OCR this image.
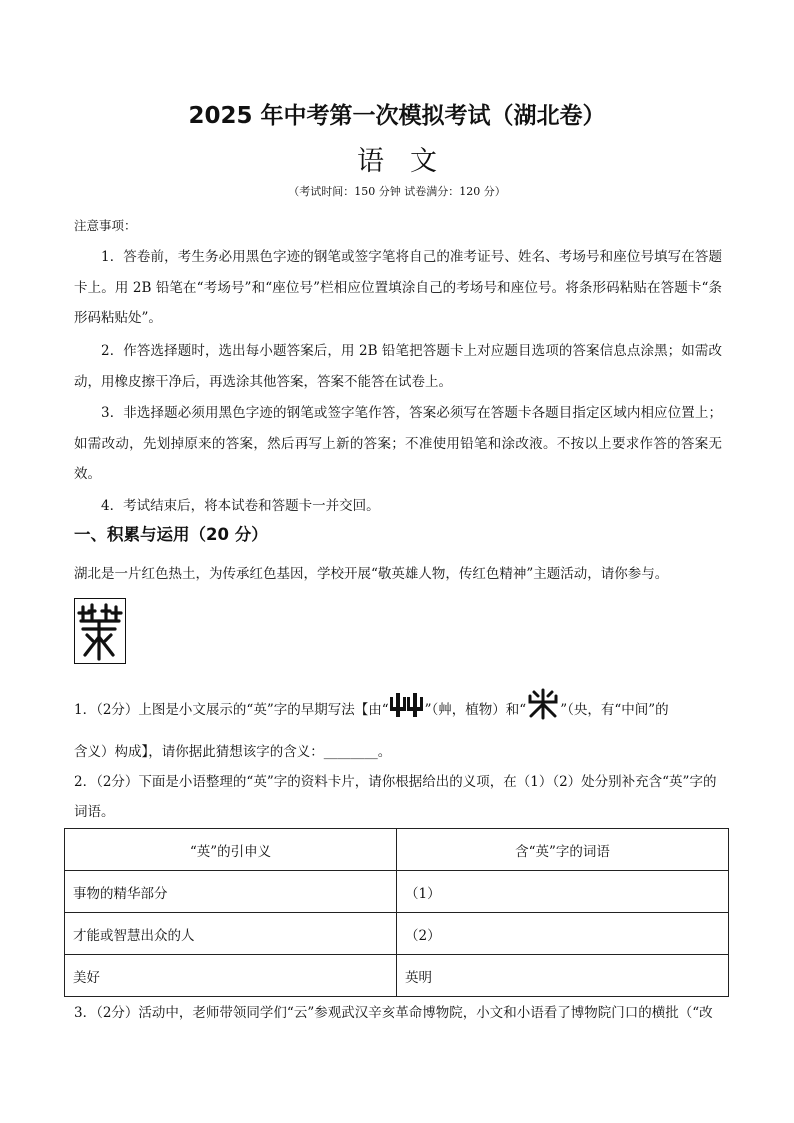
2025 年中考第一次模拟考试（湖北卷）
语文
（考试时间：150 分钟 试卷满分：120 分）
注意事项：
1．答卷前，考生务必用黑色字迹的钢笔或签字笔将自己的准考证号、姓名、考场号和座位号填写在答题卡上。用 2B 铅笔在“考场号”和“座位号”栏相应位置填涂自己的考场号和座位号。将条形码粘贴在答题卡“条形码粘贴处”。
2．作答选择题时，选出每小题答案后，用 2B 铅笔把答题卡上对应题目选项的答案信息点涂黑；如需改动，用橡皮擦干净后，再选涂其他答案，答案不能答在试卷上。
3．非选择题必须用黑色字迹的钢笔或签字笔作答，答案必须写在答题卡各题目指定区域内相应位置上；如需改动，先划掉原来的答案，然后再写上新的答案；不准使用铅笔和涂改液。不按以上要求作答的答案无效。
4．考试结束后，将本试卷和答题卡一并交回。
一、积累与运用（20 分）
湖北是一片红色热土，为传承红色基因，学校开展“敬英雄人物，传红色精神”主题活动，请你参与。
1．（2分）上图是小文展示的“英”字的早期写法【由“	”（艸，植物）和“	”（央，有“中间”的
含义）构成】，请你据此猜想该字的含义：________。
2．（2分）下面是小语整理的“英”字的资料卡片，请你根据给出的义项，在（1）（2）处分别补充含“英”字的词语。
“英”的引申义	含“英”字的词语
事物的精华部分	（1）
才能或智慧出众的人	（2）
美好	英明
3．（2分）活动中，老师带领同学们“云”参观武汉辛亥革命博物院，小文和小语看了博物院门口的横批（“改
